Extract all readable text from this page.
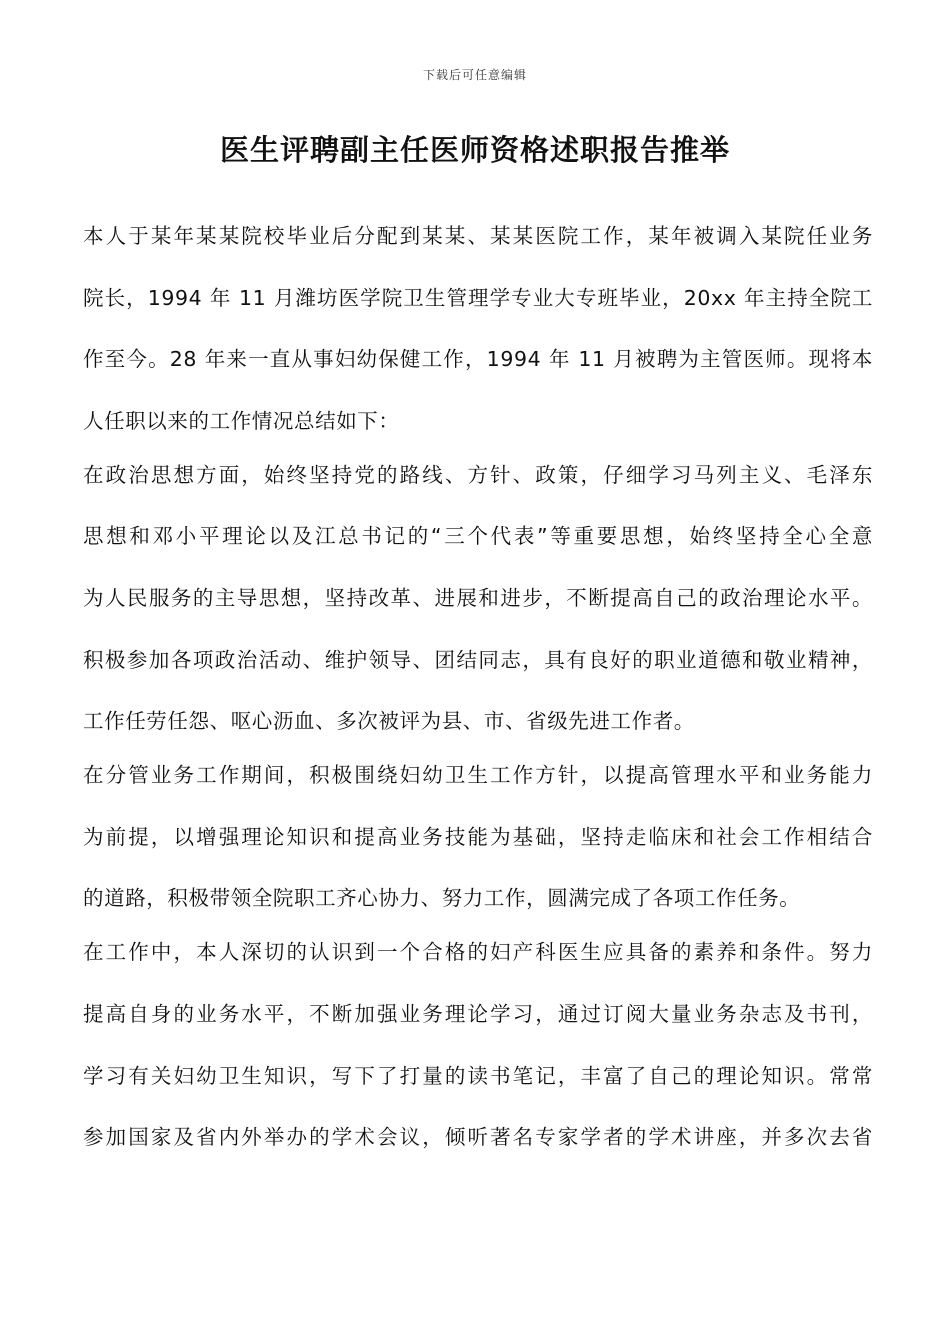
下载后可任意编辑
医生评聘副主任医师资格述职报告推举
本人于某年某某院校毕业后分配到某某、某某医院工作，某年被调入某院任业务
院长，1994 年 11 月潍坊医学院卫生管理学专业大专班毕业，20xx 年主持全院工
作至今。28 年来一直从事妇幼保健工作，1994 年 11 月被聘为主管医师。现将本
人任职以来的工作情况总结如下：
在政治思想方面，始终坚持党的路线、方针、政策，仔细学习马列主义、毛泽东
思想和邓小平理论以及江总书记的“三个代表”等重要思想，始终坚持全心全意
为人民服务的主导思想，坚持改革、进展和进步，不断提高自己的政治理论水平。
积极参加各项政治活动、维护领导、团结同志，具有良好的职业道德和敬业精神，
工作任劳任怨、呕心沥血、多次被评为县、市、省级先进工作者。
在分管业务工作期间，积极围绕妇幼卫生工作方针，以提高管理水平和业务能力
为前提，以增强理论知识和提高业务技能为基础，坚持走临床和社会工作相结合
的道路，积极带领全院职工齐心协力、努力工作，圆满完成了各项工作任务。
在工作中，本人深切的认识到一个合格的妇产科医生应具备的素养和条件。努力
提高自身的业务水平，不断加强业务理论学习，通过订阅大量业务杂志及书刊，
学习有关妇幼卫生知识，写下了打量的读书笔记，丰富了自己的理论知识。常常
参加国家及省内外举办的学术会议，倾听著名专家学者的学术讲座，并多次去省
